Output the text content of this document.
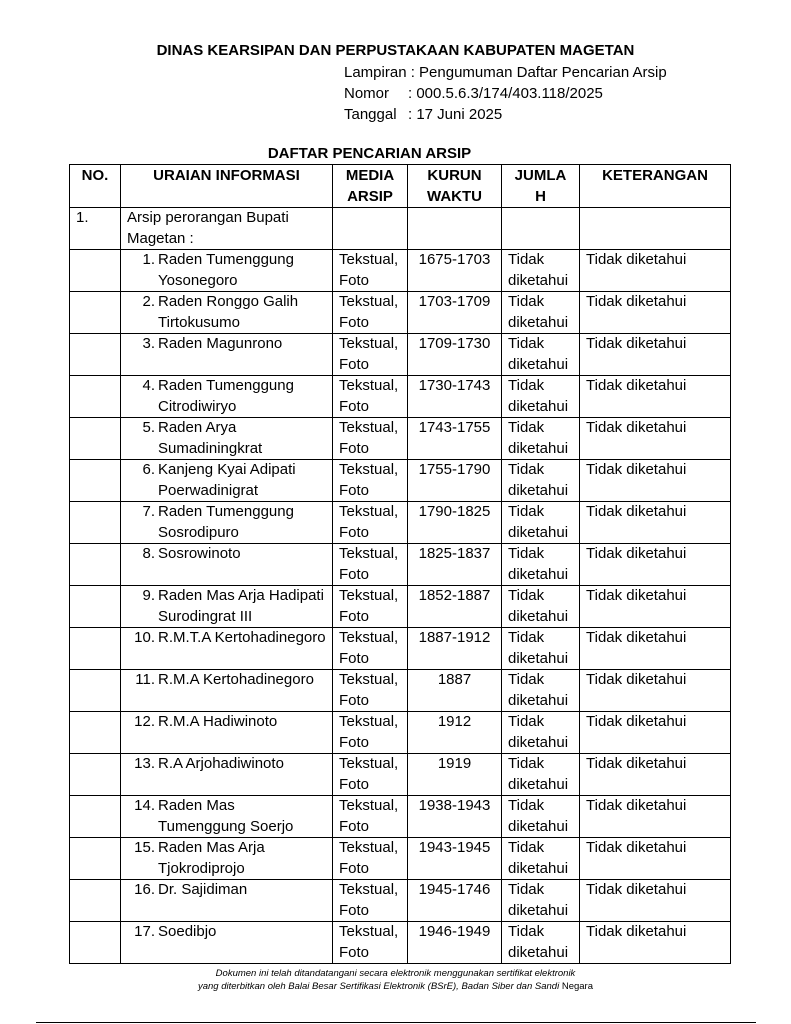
DINAS KEARSIPAN DAN PERPUSTAKAAN KABUPATEN MAGETAN
Lampiran
: Pengumuman Daftar Pencarian Arsip
Nomor	: 000.5.6.3/174/403.118/2025
Tanggal : 17 Juni 2025
DAFTAR PENCARIAN ARSIP
NO.	URAIAN INFORMASI	MEDIA ARSIP	KURUN WAKTU	JUMLA H	KETERANGAN
1.	Arsip perorangan Bupati Magetan :				

	1. Raden Tumenggung Yosonegoro	Tekstual, Foto	1675-1703	Tidak diketahui	Tidak diketahui

	2. Raden Ronggo Galih Tirtokusumo	Tekstual, Foto	1703-1709	Tidak diketahui	Tidak diketahui

	3. Raden Magunrono	Tekstual, Foto	1709-1730	Tidak diketahui	Tidak diketahui

	4. Raden Tumenggung Citrodiwiryo	Tekstual, Foto	1730-1743	Tidak diketahui	Tidak diketahui

	5. Raden Arya Sumadiningkrat	Tekstual, Foto	1743-1755	Tidak diketahui	Tidak diketahui

	6. Kanjeng Kyai Adipati Poerwadinigrat	Tekstual, Foto	1755-1790	Tidak diketahui	Tidak diketahui

	7. Raden Tumenggung Sosrodipuro	Tekstual, Foto	1790-1825	Tidak diketahui	Tidak diketahui

	8. Sosrowinoto	Tekstual, Foto	1825-1837	Tidak diketahui	Tidak diketahui

	9. Raden Mas Arja Hadipati Surodingrat III	Tekstual, Foto	1852-1887	Tidak diketahui	Tidak diketahui

	10. R.M.T.A Kertohadinegoro	Tekstual, Foto	1887-1912	Tidak diketahui	Tidak diketahui

	11. R.M.A Kertohadinegoro	Tekstual, Foto	1887	Tidak diketahui	Tidak diketahui

	12. R.M.A Hadiwinoto	Tekstual, Foto	1912	Tidak diketahui	Tidak diketahui

	13. R.A Arjohadiwinoto	Tekstual, Foto	1919	Tidak diketahui	Tidak diketahui

	14. Raden Mas Tumenggung Soerjo	Tekstual, Foto	1938-1943	Tidak diketahui	Tidak diketahui

	15. Raden Mas Arja Tjokrodiprojo	Tekstual, Foto	1943-1945	Tidak diketahui	Tidak diketahui

	16. Dr. Sajidiman	Tekstual, Foto	1945-1746	Tidak diketahui	Tidak diketahui

	17. Soedibjo	Tekstual, Foto	1946-1949	Tidak diketahui	Tidak diketahui
Dokumen ini telah ditandatangani secara elektronik menggunakan sertifikat elektronik
yang diterbitkan oleh Balai Besar Sertifikasi Elektronik (BSrE), Badan Siber dan Sandi Negara
